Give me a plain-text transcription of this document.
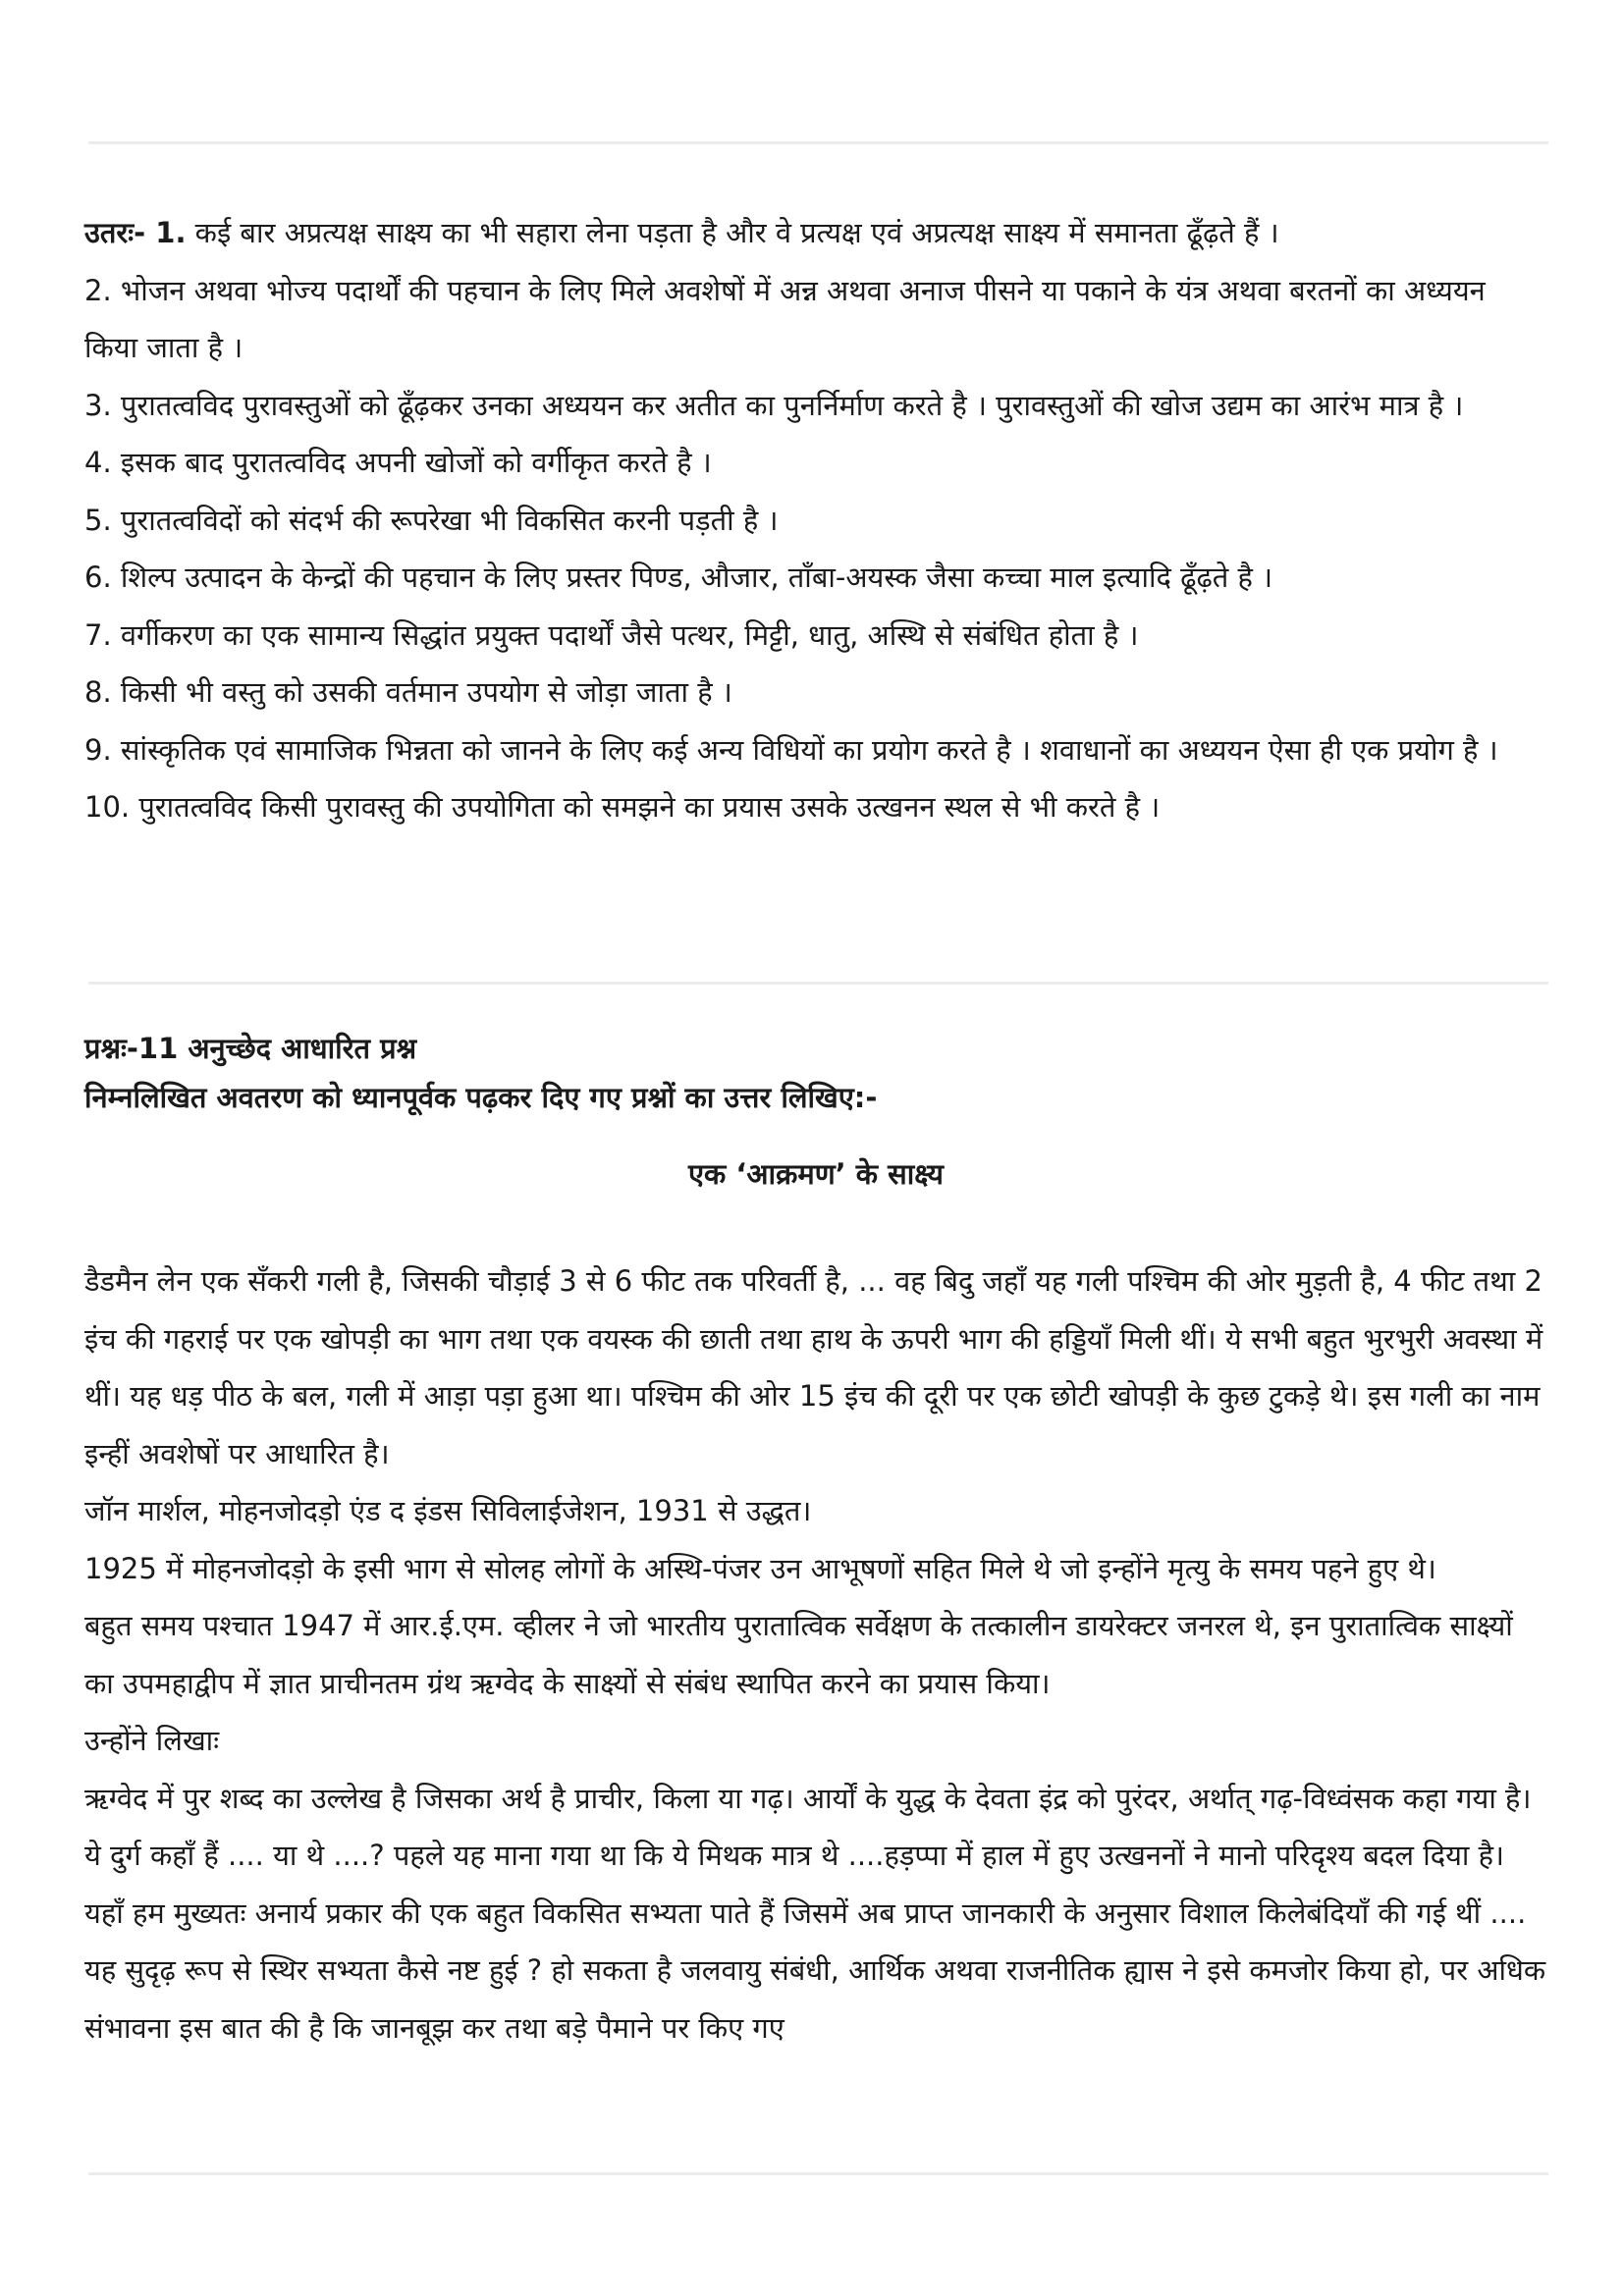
उतरः- 1. कई बार अप्रत्यक्ष साक्ष्य का भी सहारा लेना पड़ता है और वे प्रत्यक्ष एवं अप्रत्यक्ष साक्ष्य में समानता ढूँढ़ते हैं ।

2. भोजन अथवा भोज्य पदार्थों की पहचान के लिए मिले अवशेषों में अन्न अथवा अनाज पीसने या पकाने के यंत्र अथवा बरतनों का अध्ययन किया जाता है ।

3. पुरातत्वविद पुरावस्तुओं को ढूँढ़कर उनका अध्ययन कर अतीत का पुनर्निर्माण करते है । पुरावस्तुओं की खोज उद्यम का आरंभ मात्र है ।

4. इसक बाद पुरातत्वविद अपनी खोजों को वर्गीकृत करते है ।

5. पुरातत्वविदों को संदर्भ की रूपरेखा भी विकसित करनी पड़ती है ।

6. शिल्प उत्पादन के केन्द्रों की पहचान के लिए प्रस्तर पिण्ड, औजार, ताँबा-अयस्क जैसा कच्चा माल इत्यादि ढूँढ़ते है ।

7. वर्गीकरण का एक सामान्य सिद्धांत प्रयुक्त पदार्थों जैसे पत्थर, मिट्टी, धातु, अस्थि से संबंधित होता है ।

8. किसी भी वस्तु को उसकी वर्तमान उपयोग से जोड़ा जाता है ।

9. सांस्कृतिक एवं सामाजिक भिन्नता को जानने के लिए कई अन्य विधियों का प्रयोग करते है । शवाधानों का अध्ययन ऐसा ही एक प्रयोग है ।

10. पुरातत्वविद किसी पुरावस्तु की उपयोगिता को समझने का प्रयास उसके उत्खनन स्थल से भी करते है ।

प्रश्नः-11 अनुच्छेद आधारित प्रश्न

निम्नलिखित अवतरण को ध्यानपूर्वक पढ़कर दिए गए प्रश्नों का उत्तर लिखिए:-

एक ‘आक्रमण’ के साक्ष्य

डैडमैन लेन एक सँकरी गली है, जिसकी चौड़ाई 3 से 6 फीट तक परिवर्ती है, ... वह बिदु जहाँ यह गली पश्चिम की ओर मुड़ती है, 4 फीट तथा 2 इंच की गहराई पर एक खोपड़ी का भाग तथा एक वयस्क की छाती तथा हाथ के ऊपरी भाग की हड्डियाँ मिली थीं। ये सभी बहुत भुरभुरी अवस्था में थीं। यह धड़ पीठ के बल, गली में आड़ा पड़ा हुआ था। पश्चिम की ओर 15 इंच की दूरी पर एक छोटी खोपड़ी के कुछ टुकड़े थे। इस गली का नाम इन्हीं अवशेषों पर आधारित है।

जॉन मार्शल, मोहनजोदड़ो एंड द इंडस सिविलाईजेशन, 1931 से उद्धत।

1925 में मोहनजोदड़ो के इसी भाग से सोलह लोगों के अस्थि-पंजर उन आभूषणों सहित मिले थे जो इन्होंने मृत्यु के समय पहने हुए थे।

बहुत समय पश्चात 1947 में आर.ई.एम. व्हीलर ने जो भारतीय पुरातात्विक सर्वेक्षण के तत्कालीन डायरेक्टर जनरल थे, इन पुरातात्विक साक्ष्यों का उपमहाद्वीप में ज्ञात प्राचीनतम ग्रंथ ऋग्वेद के साक्ष्यों से संबंध स्थापित करने का प्रयास किया।

उन्होंने लिखाः

ऋग्वेद में पुर शब्द का उल्लेख है जिसका अर्थ है प्राचीर, किला या गढ़। आर्यों के युद्ध के देवता इंद्र को पुरंदर, अर्थात् गढ़-विध्वंसक कहा गया है। ये दुर्ग कहाँ हैं .... या थे ....? पहले यह माना गया था कि ये मिथक मात्र थे ....हड़प्पा में हाल में हुए उत्खननों ने मानो परिदृश्य बदल दिया है। यहाँ हम मुख्यतः अनार्य प्रकार की एक बहुत विकसित सभ्यता पाते हैं जिसमें अब प्राप्त जानकारी के अनुसार विशाल किलेबंदियाँ की गई थीं .... यह सुदृढ़ रूप से स्थिर सभ्यता कैसे नष्ट हुई ? हो सकता है जलवायु संबंधी, आर्थिक अथवा राजनीतिक ह्यास ने इसे कमजोर किया हो, पर अधिक संभावना इस बात की है कि जानबूझ कर तथा बड़े पैमाने पर किए गए
